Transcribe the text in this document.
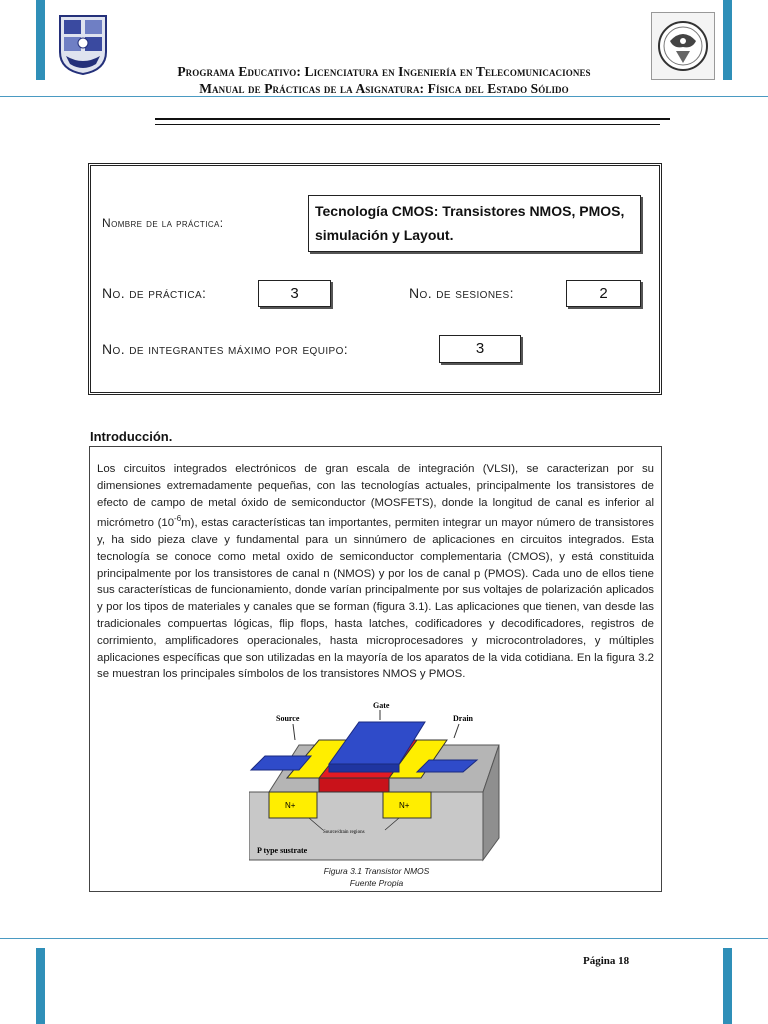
Programa Educativo: Licenciatura en Ingeniería en Telecomunicaciones
Manual de Prácticas de la Asignatura: Física del Estado Sólido
Nombre de la práctica:
Tecnología CMOS: Transistores NMOS, PMOS, simulación y Layout.
No. de práctica:	3	No. de sesiones:	2
No. de integrantes máximo por equipo:	3
Introducción.
Los circuitos integrados electrónicos de gran escala de integración (VLSI), se caracterizan por su dimensiones extremadamente pequeñas, con las tecnologías actuales, principalmente los transistores de efecto de campo de metal óxido de semiconductor (MOSFETS), donde la longitud de canal es inferior al micrómetro $(10^{-6}m)$, estas características tan importantes, permiten integrar un mayor número de transistores y, ha sido pieza clave y fundamental para un sinnúmero de aplicaciones en circuitos integrados. Esta tecnología se conoce como metal oxido de semiconductor complementaria (CMOS), y está constituida principalmente por los transistores de canal n (NMOS) y por los de canal p (PMOS). Cada uno de ellos tiene sus características de funcionamiento, donde varían principalmente por sus voltajes de polarización aplicados y por los tipos de materiales y canales que se forman (figura 3.1). Las aplicaciones que tienen, van desde las tradicionales compuertas lógicas, flip flops, hasta latches, codificadores y decodificadores, registros de corrimiento, amplificadores operacionales, hasta microprocesadores y microcontroladores, y múltiples aplicaciones específicas que son utilizadas en la mayoría de los aparatos de la vida cotidiana. En la figura 3.2 se muestran los principales símbolos de los transistores NMOS y PMOS.
Gate
Source	Drain
N+	N+
Source/drain regions
P type sustrate
Figura 3.1 Transistor NMOS
Fuente Propia
Página 18
